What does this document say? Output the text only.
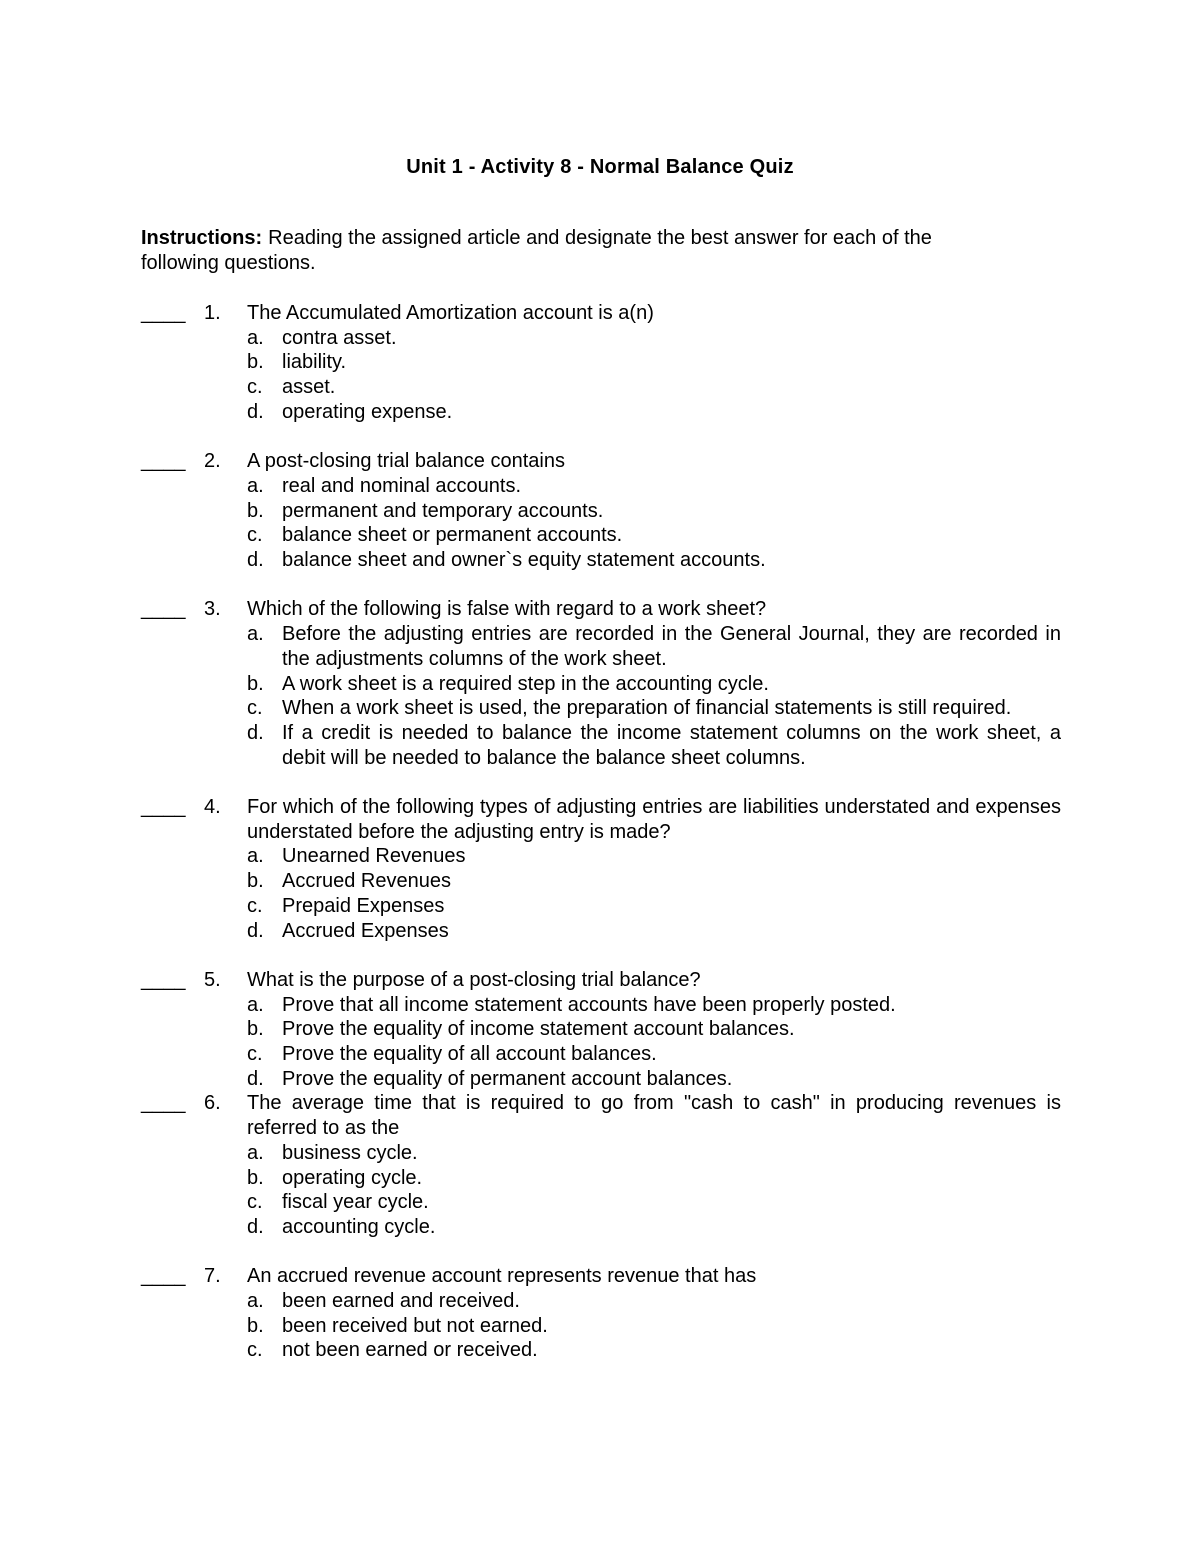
Unit 1 - Activity 8 - Normal Balance Quiz
Instructions: Reading the assigned article and designate the best answer for each of the following questions.
____ 1. The Accumulated Amortization account is a(n)
a. contra asset.
b. liability.
c. asset.
d. operating expense.
____ 2. A post-closing trial balance contains
a. real and nominal accounts.
b. permanent and temporary accounts.
c. balance sheet or permanent accounts.
d. balance sheet and owner`s equity statement accounts.
____ 3. Which of the following is false with regard to a work sheet?
a. Before the adjusting entries are recorded in the General Journal, they are recorded in the adjustments columns of the work sheet.
b. A work sheet is a required step in the accounting cycle.
c. When a work sheet is used, the preparation of financial statements is still required.
d. If a credit is needed to balance the income statement columns on the work sheet, a debit will be needed to balance the balance sheet columns.
____ 4. For which of the following types of adjusting entries are liabilities understated and expenses understated before the adjusting entry is made?
a. Unearned Revenues
b. Accrued Revenues
c. Prepaid Expenses
d. Accrued Expenses
____ 5. What is the purpose of a post-closing trial balance?
a. Prove that all income statement accounts have been properly posted.
b. Prove the equality of income statement account balances.
c. Prove the equality of all account balances.
d. Prove the equality of permanent account balances.
____ 6. The average time that is required to go from "cash to cash" in producing revenues is referred to as the
a. business cycle.
b. operating cycle.
c. fiscal year cycle.
d. accounting cycle.
____ 7. An accrued revenue account represents revenue that has
a. been earned and received.
b. been received but not earned.
c. not been earned or received.
